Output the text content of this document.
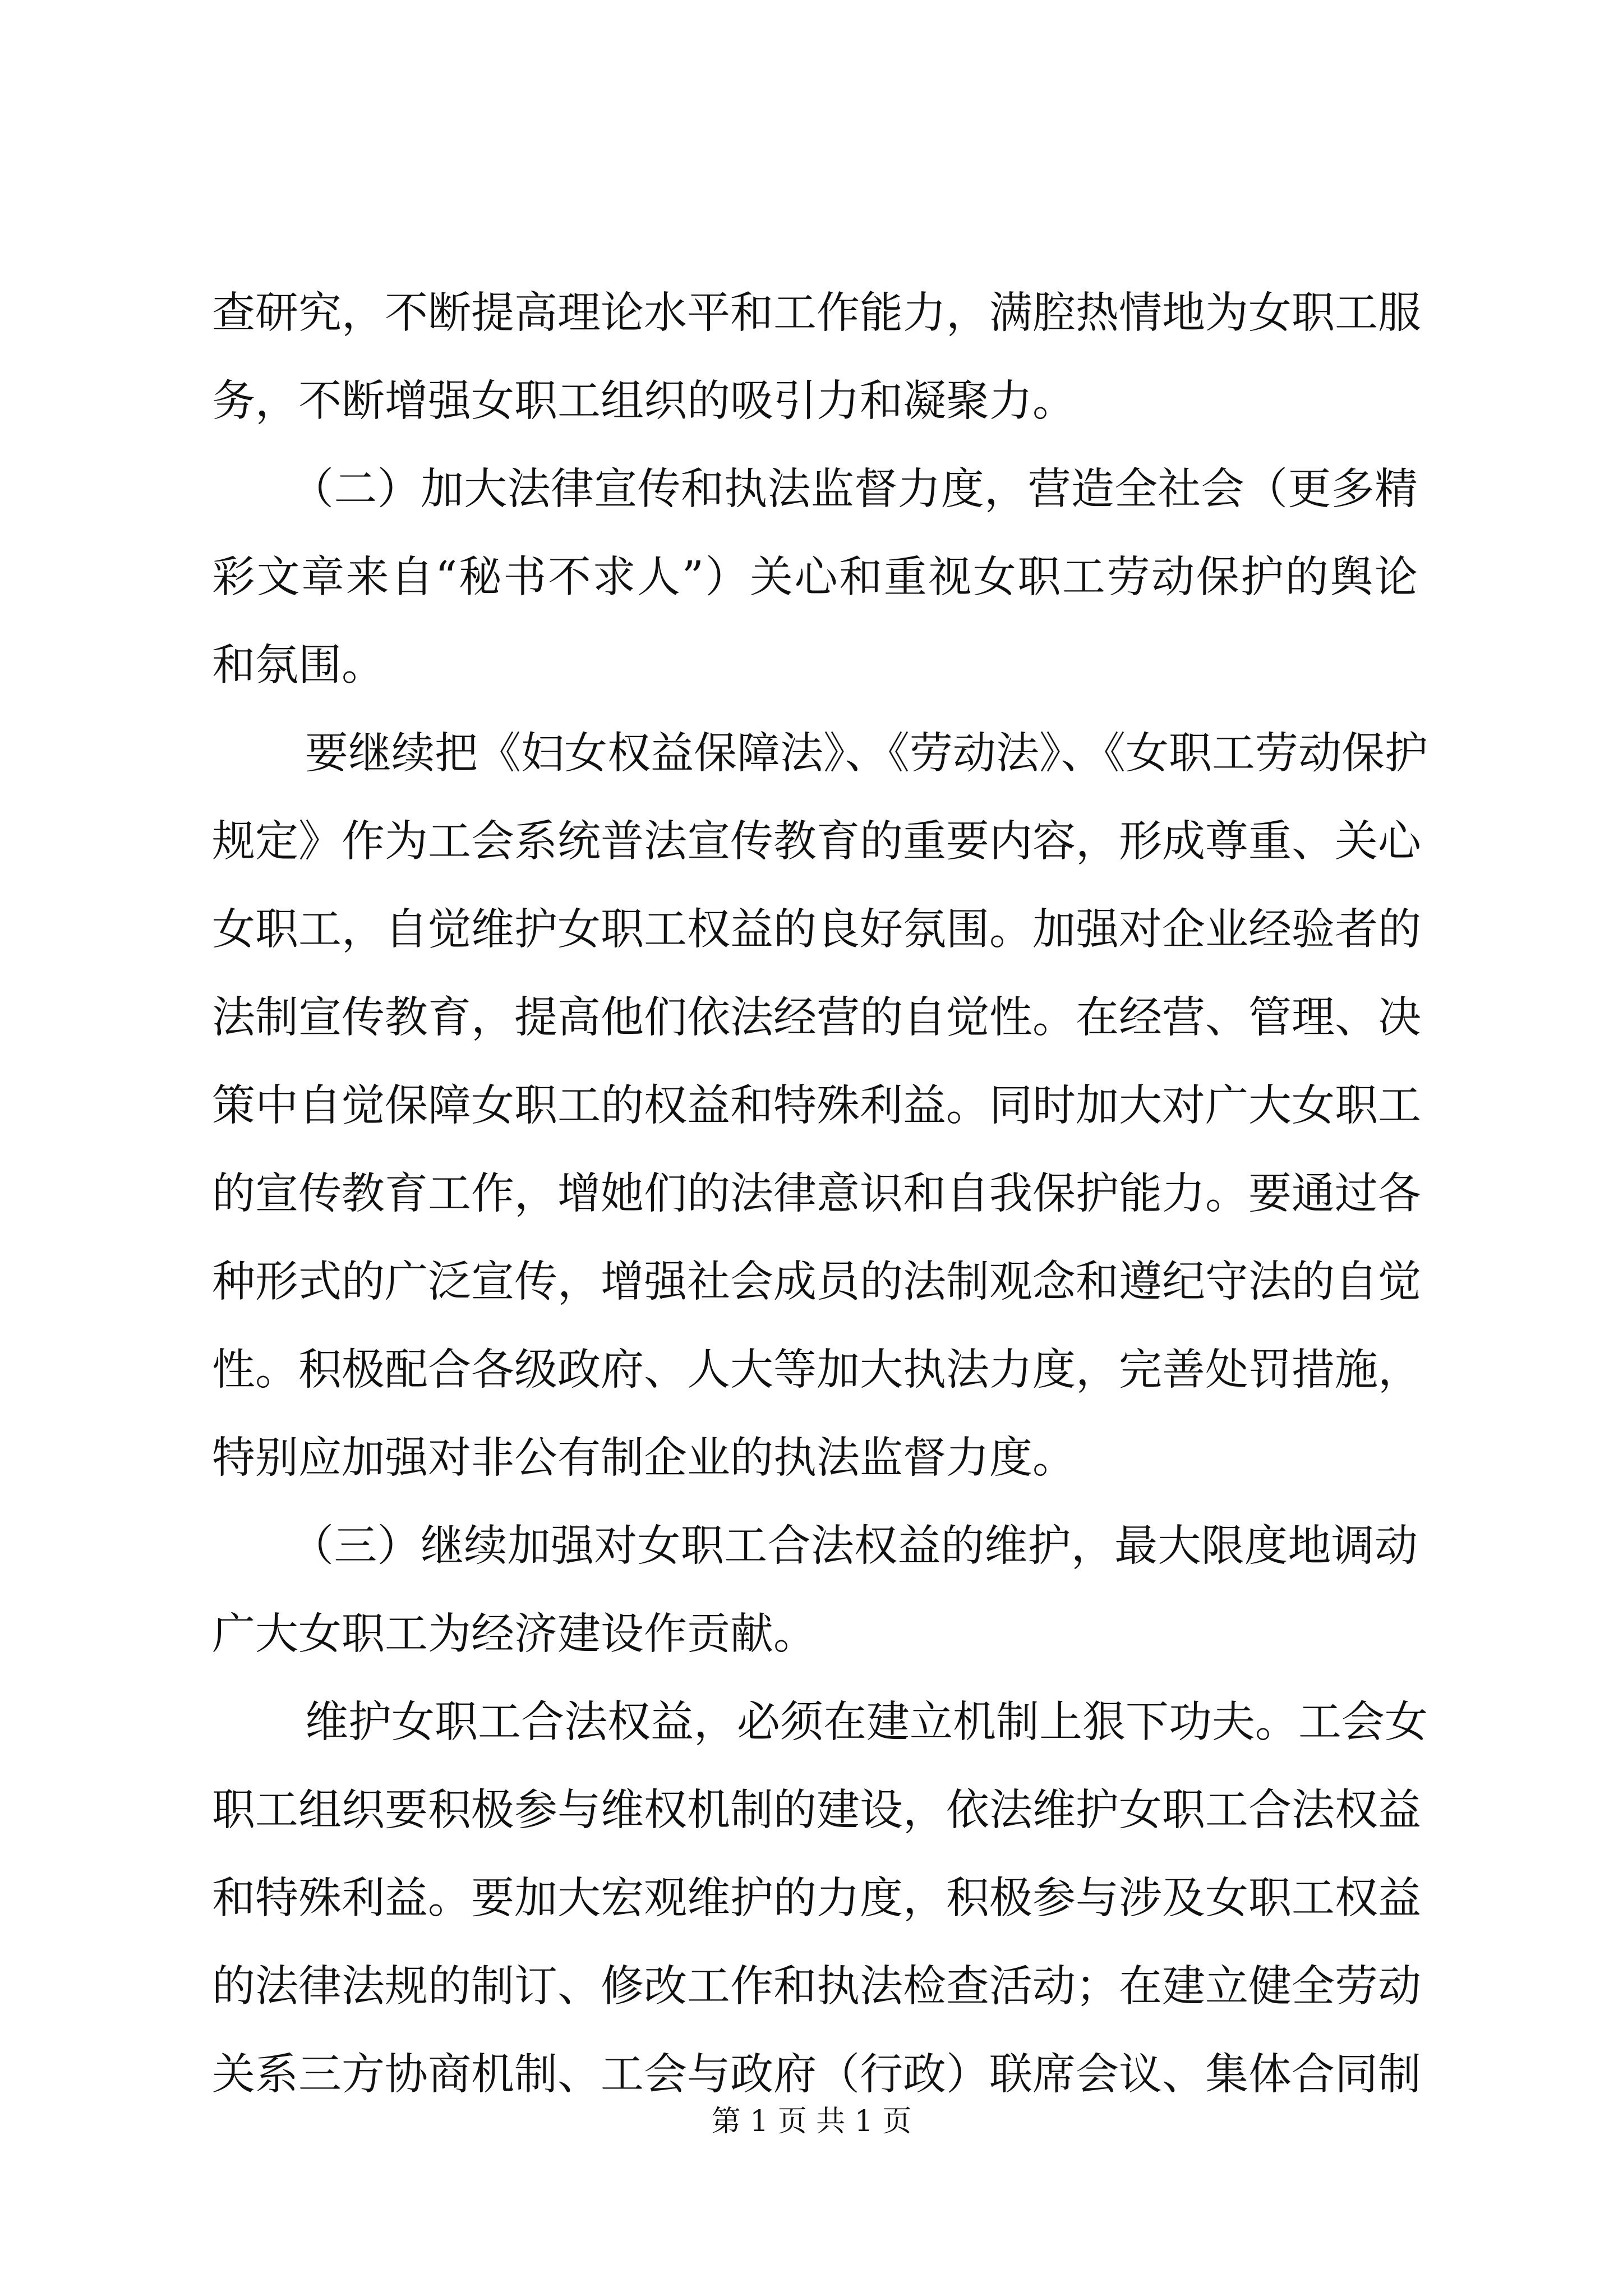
查研究，不断提高理论水平和工作能力，满腔热情地为女职工服
务，不断增强女职工组织的吸引力和凝聚力。
（二）加大法律宣传和执法监督力度，营造全社会（更多精
彩文章来自“秘书不求人”）关心和重视女职工劳动保护的舆论
和氛围。
要继续把《妇女权益保障法》、《劳动法》、《女职工劳动保护
规定》作为工会系统普法宣传教育的重要内容，形成尊重、关心
女职工，自觉维护女职工权益的良好氛围。加强对企业经验者的
法制宣传教育，提高他们依法经营的自觉性。在经营、管理、决
策中自觉保障女职工的权益和特殊利益。同时加大对广大女职工
的宣传教育工作，增她们的法律意识和自我保护能力。要通过各
种形式的广泛宣传，增强社会成员的法制观念和遵纪守法的自觉
性。积极配合各级政府、人大等加大执法力度，完善处罚措施，
特别应加强对非公有制企业的执法监督力度。
（三）继续加强对女职工合法权益的维护，最大限度地调动
广大女职工为经济建设作贡献。
维护女职工合法权益，必须在建立机制上狠下功夫。工会女
职工组织要积极参与维权机制的建设，依法维护女职工合法权益
和特殊利益。要加大宏观维护的力度，积极参与涉及女职工权益
的法律法规的制订、修改工作和执法检查活动；在建立健全劳动
关系三方协商机制、工会与政府（行政）联席会议、集体合同制
第 1 页 共 1 页
